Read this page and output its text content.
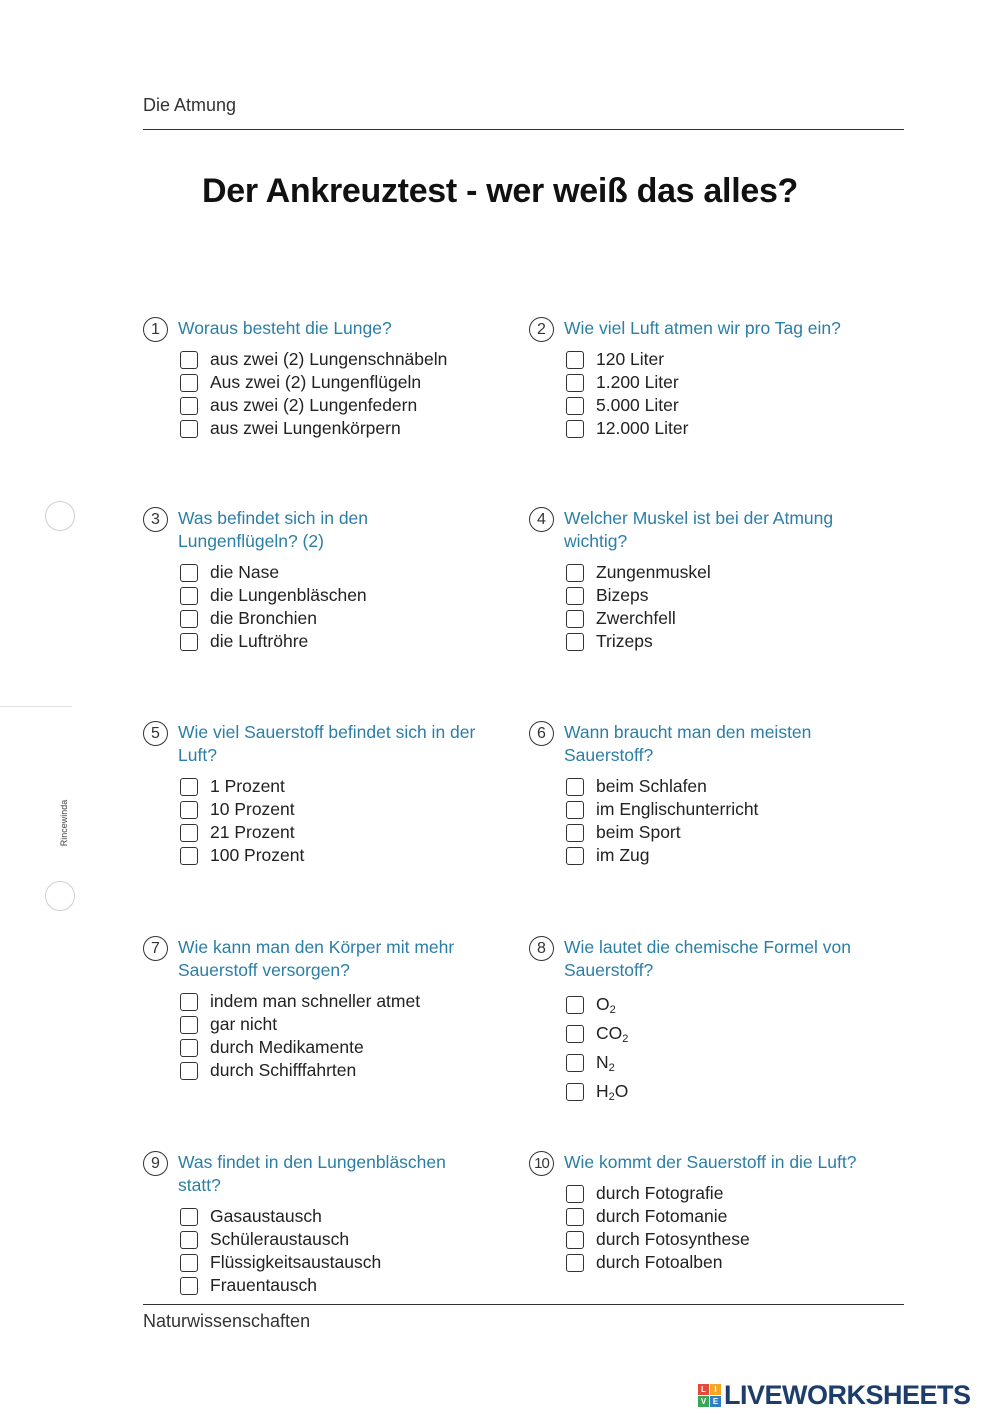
Die Atmung
Der Ankreuztest - wer weiß das alles?
Rincewinda
1	Woraus besteht die Lunge?
aus zwei (2) Lungenschnäbeln
Aus zwei (2) Lungenflügeln
aus zwei (2) Lungenfedern
aus zwei Lungenkörpern
2	Wie viel Luft atmen wir pro Tag ein?
120 Liter
1.200 Liter
5.000 Liter
12.000 Liter
3	Was befindet sich in den Lungenflügeln? (2)
die Nase
die Lungenbläschen
die Bronchien
die Luftröhre
4	Welcher Muskel ist bei der Atmung wichtig?
Zungenmuskel
Bizeps
Zwerchfell
Trizeps
5	Wie viel Sauerstoff befindet sich in der Luft?
1 Prozent
10 Prozent
21 Prozent
100 Prozent
6	Wann braucht man den meisten Sauerstoff?
beim Schlafen
im Englischunterricht
beim Sport
im Zug
7	Wie kann man den Körper mit mehr Sauerstoff versorgen?
indem man schneller atmet
gar nicht
durch Medikamente
durch Schifffahrten
8	Wie lautet die chemische Formel von Sauerstoff?
$O_2$
$CO_2$
$N_2$
$H_2O$
9	Was findet in den Lungenbläschen statt?
Gasaustausch
Schüleraustausch
Flüssigkeitsaustausch
Frauentausch
10 Wie kommt der Sauerstoff in die Luft?
durch Fotografie
durch Fotomanie
durch Fotosynthese
durch Fotoalben
Naturwissenschaften
L	I
V E LIVEWORKSHEETS
